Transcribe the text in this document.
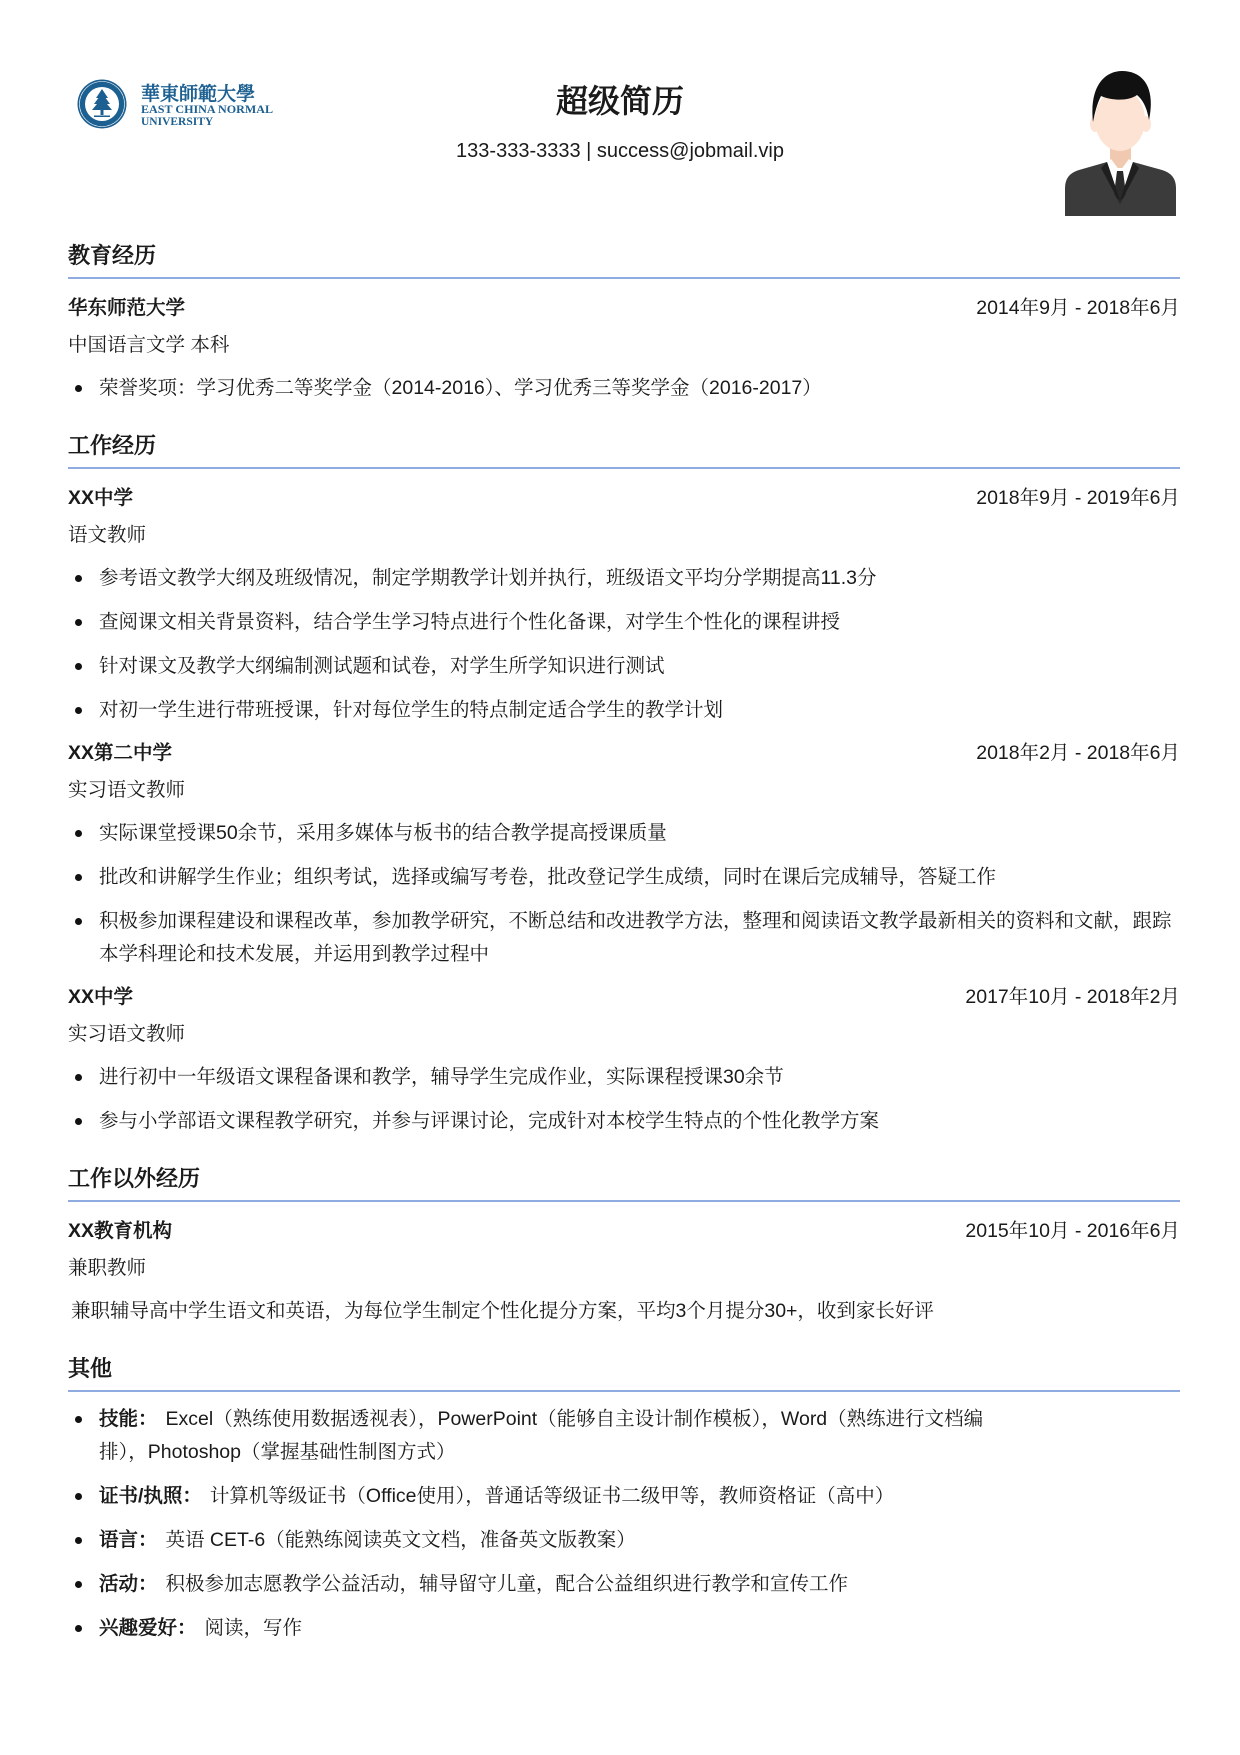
華東師範大學
EAST CHINA NORMAL
UNIVERSITY
超级简历
133-333-3333 | success@jobmail.vip
教育经历
华东师范大学	2014年9月 - 2018年6月
中国语言文学 本科
荣誉奖项：学习优秀二等奖学金（2014-2016）、学习优秀三等奖学金（2016-2017）
工作经历
XX中学	2018年9月 - 2019年6月
语文教师
参考语文教学大纲及班级情况，制定学期教学计划并执行，班级语文平均分学期提高11.3分
查阅课文相关背景资料，结合学生学习特点进行个性化备课，对学生个性化的课程讲授
针对课文及教学大纲编制测试题和试卷，对学生所学知识进行测试
对初一学生进行带班授课，针对每位学生的特点制定适合学生的教学计划
XX第二中学	2018年2月 - 2018年6月
实习语文教师
实际课堂授课50余节，采用多媒体与板书的结合教学提高授课质量
批改和讲解学生作业；组织考试，选择或编写考卷，批改登记学生成绩，同时在课后完成辅导，答疑工作
积极参加课程建设和课程改革，参加教学研究，不断总结和改进教学方法，整理和阅读语文教学最新相关的资料和文献，跟踪本学科理论和技术发展，并运用到教学过程中
XX中学	2017年10月 - 2018年2月
实习语文教师
进行初中一年级语文课程备课和教学，辅导学生完成作业，实际课程授课30余节
参与小学部语文课程教学研究，并参与评课讨论，完成针对本校学生特点的个性化教学方案
工作以外经历
XX教育机构	2015年10月 - 2016年6月
兼职教师
兼职辅导高中学生语文和英语，为每位学生制定个性化提分方案，平均3个月提分30+，收到家长好评
其他
技能： Excel（熟练使用数据透视表），PowerPoint（能够自主设计制作模板），Word（熟练进行文档编排），Photoshop（掌握基础性制图方式）
证书/执照： 计算机等级证书（Office使用），普通话等级证书二级甲等，教师资格证（高中）
语言： 英语 CET-6（能熟练阅读英文文档，准备英文版教案）
活动： 积极参加志愿教学公益活动，辅导留守儿童，配合公益组织进行教学和宣传工作
兴趣爱好： 阅读，写作
